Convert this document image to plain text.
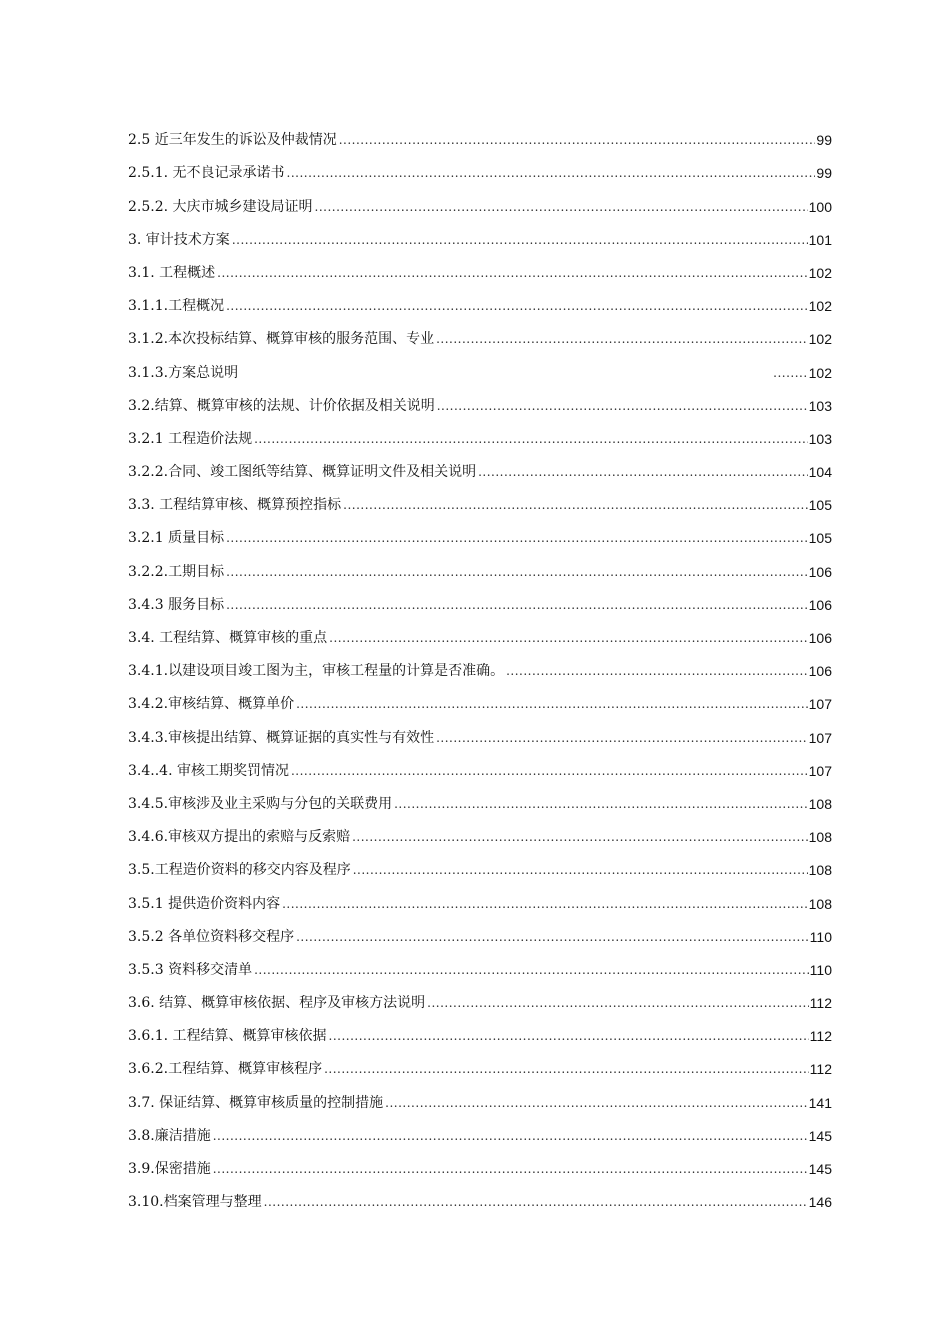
2.5 近三年发生的诉讼及仲裁情况 .....	99
2.5.1. 无不良记录承诺书 .....	99
2.5.2. 大庆市城乡建设局证明 .....	100
3. 审计技术方案 .....	101
3.1. 工程概述 .....	102
3.1.1.工程概况 .....	102
3.1.2.本次投标结算、概算审核的服务范围、专业 .....	102
3.1.3.方案总说明 ........	102
3.2.结算、概算审核的法规、计价依据及相关说明 .....	103
3.2.1 工程造价法规 .....	103
3.2.2.合同、竣工图纸等结算、概算证明文件及相关说明 .....	104
3.3. 工程结算审核、概算预控指标 .....	105
3.2.1 质量目标 .....	105
3.2.2.工期目标 .....	106
3.4.3 服务目标 .....	106
3.4. 工程结算、概算审核的重点 .....	106
3.4.1.以建设项目竣工图为主，审核工程量的计算是否准确。 .....	106
3.4.2.审核结算、概算单价 .....	107
3.4.3.审核提出结算、概算证据的真实性与有效性 .....	107
3.4..4. 审核工期奖罚情况 .....	107
3.4.5.审核涉及业主采购与分包的关联费用 .....	108
3.4.6.审核双方提出的索赔与反索赔 .....	108
3.5.工程造价资料的移交内容及程序 .....	108
3.5.1 提供造价资料内容 .....	108
3.5.2 各单位资料移交程序 .....	110
3.5.3 资料移交清单 .....	110
3.6. 结算、概算审核依据、程序及审核方法说明 .....	112
3.6.1. 工程结算、概算审核依据 .....	112
3.6.2.工程结算、概算审核程序 .....	112
3.7. 保证结算、概算审核质量的控制措施 .....	141
3.8.廉洁措施 .....	145
3.9.保密措施 .....	145
3.10.档案管理与整理 .....	146
